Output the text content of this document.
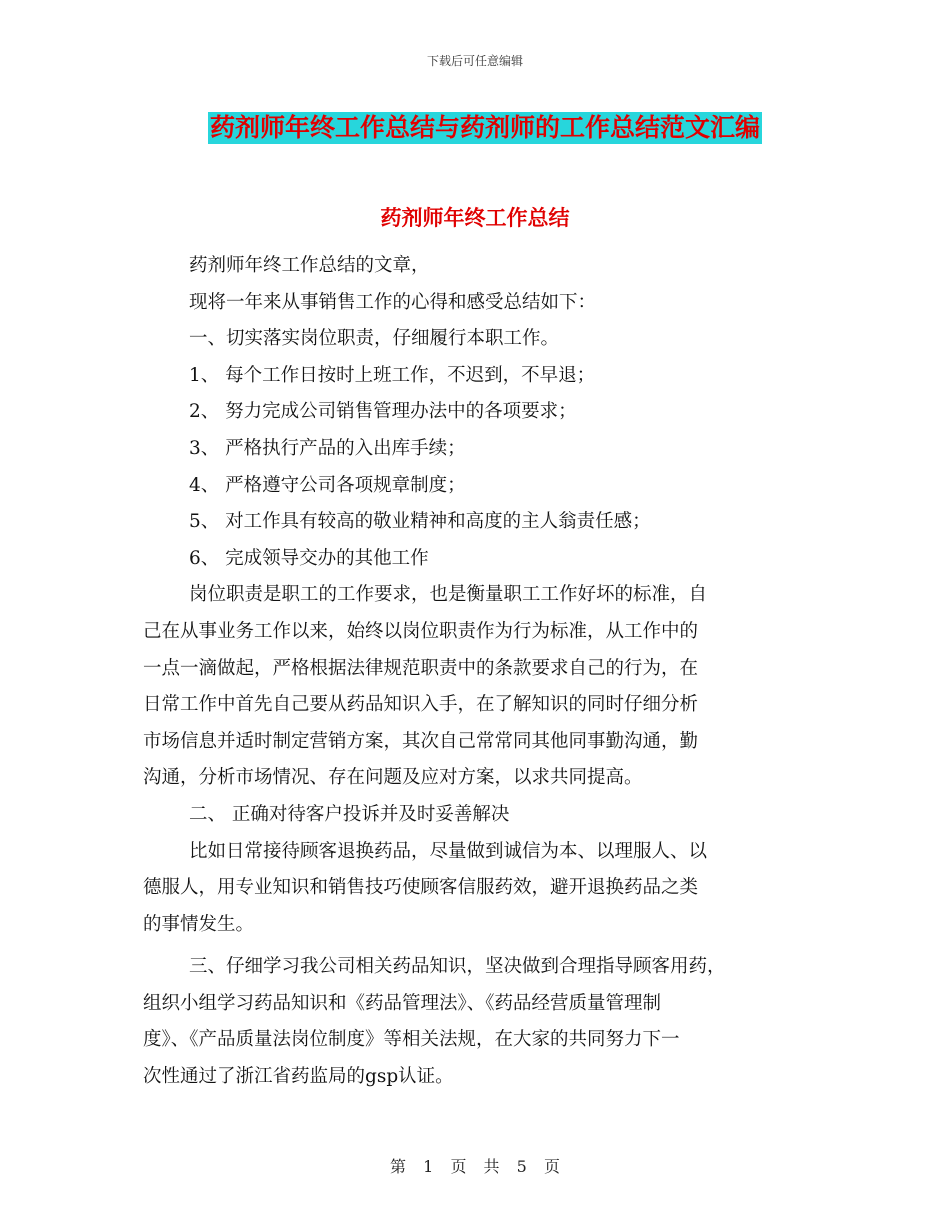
下载后可任意编辑
药剂师年终工作总结与药剂师的工作总结范文汇编
药剂师年终工作总结
药剂师年终工作总结的文章，
现将一年来从事销售工作的心得和感受总结如下：
一、切实落实岗位职责，仔细履行本职工作。
1、 每个工作日按时上班工作，不迟到，不早退；
2、 努力完成公司销售管理办法中的各项要求；
3、 严格执行产品的入出库手续；
4、 严格遵守公司各项规章制度；
5、 对工作具有较高的敬业精神和高度的主人翁责任感；
6、 完成领导交办的其他工作
岗位职责是职工的工作要求，也是衡量职工工作好坏的标准，自
己在从事业务工作以来，始终以岗位职责作为行为标准，从工作中的
一点一滴做起，严格根据法律规范职责中的条款要求自己的行为，在
日常工作中首先自己要从药品知识入手，在了解知识的同时仔细分析
市场信息并适时制定营销方案，其次自己常常同其他同事勤沟通，勤
沟通，分析市场情况、存在问题及应对方案，以求共同提高。
二、 正确对待客户投诉并及时妥善解决
比如日常接待顾客退换药品，尽量做到诚信为本、以理服人、以
德服人，用专业知识和销售技巧使顾客信服药效，避开退换药品之类
的事情发生。
三、仔细学习我公司相关药品知识，坚决做到合理指导顾客用药，
组织小组学习药品知识和《药品管理法》、《药品经营质量管理制
度》、《产品质量法岗位制度》等相关法规，在大家的共同努力下一
次性通过了浙江省药监局的gsp认证。
第 1 页 共 5 页
